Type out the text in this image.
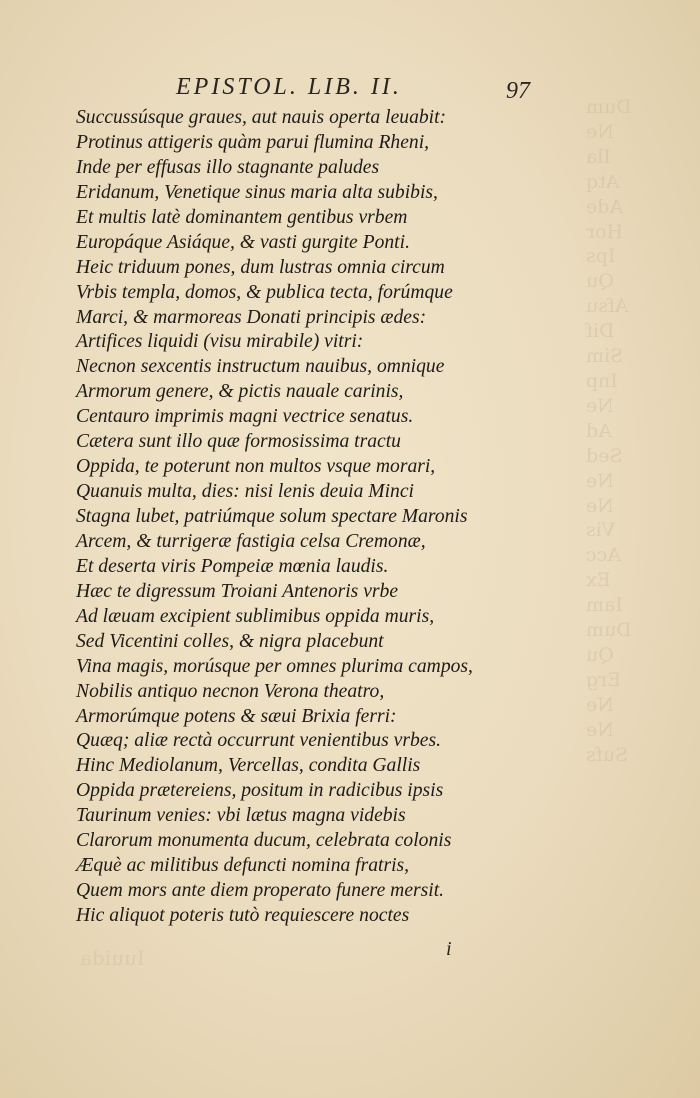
Dum
Ne
Ila
Atq
Ade
Hor
Ips
Qu
Afsu
Dif
Sim
Inp
Ne
Ad
Sed
Ne
Ne
Vis
Acc
Ex
Iam
Dum
Qu
Erg
Ne
Ne
Sufs
EPISTOL. LIB. II.	97
Succussúsque graues, aut nauis operta leuabit:
Protinus attigeris quàm parui flumina Rheni,
Inde per effusas illo stagnante paludes
Eridanum, Venetique sinus maria alta subibis,
Et multis latè dominantem gentibus vrbem
Europáque Asiáque, & vasti gurgite Ponti.
Heic triduum pones, dum lustras omnia circum
Vrbis templa, domos, & publica tecta, forúmque
Marci, & marmoreas Donati principis ædes:
Artifices liquidi (visu mirabile) vitri:
Necnon sexcentis instructum nauibus, omnique
Armorum genere, & pictis nauale carinis,
Centauro imprimis magni vectrice senatus.
Cætera sunt illo quæ formosissima tractu
Oppida, te poterunt non multos vsque morari,
Quanuis multa, dies: nisi lenis deuia Minci
Stagna lubet, patriúmque solum spectare Maronis
Arcem, & turrigeræ fastigia celsa Cremonæ,
Et deserta viris Pompeiæ mœnia laudis.
Hæc te digressum Troiani Antenoris vrbe
Ad læuam excipient sublimibus oppida muris,
Sed Vicentini colles, & nigra placebunt
Vina magis, morúsque per omnes plurima campos,
Nobilis antiquo necnon Verona theatro,
Armorúmque potens & sæui Brixia ferri:
Quæq; aliæ rectà occurrunt venientibus vrbes.
Hinc Mediolanum, Vercellas, condita Gallis
Oppida prætereiens, positum in radicibus ipsis
Taurinum venies: vbi lætus magna videbis
Clarorum monumenta ducum, celebrata colonis
Æquè ac militibus defuncti nomina fratris,
Quem mors ante diem properato funere mersit.
Hic aliquot poteris tutò requiescere noctes
Iuuida	i
